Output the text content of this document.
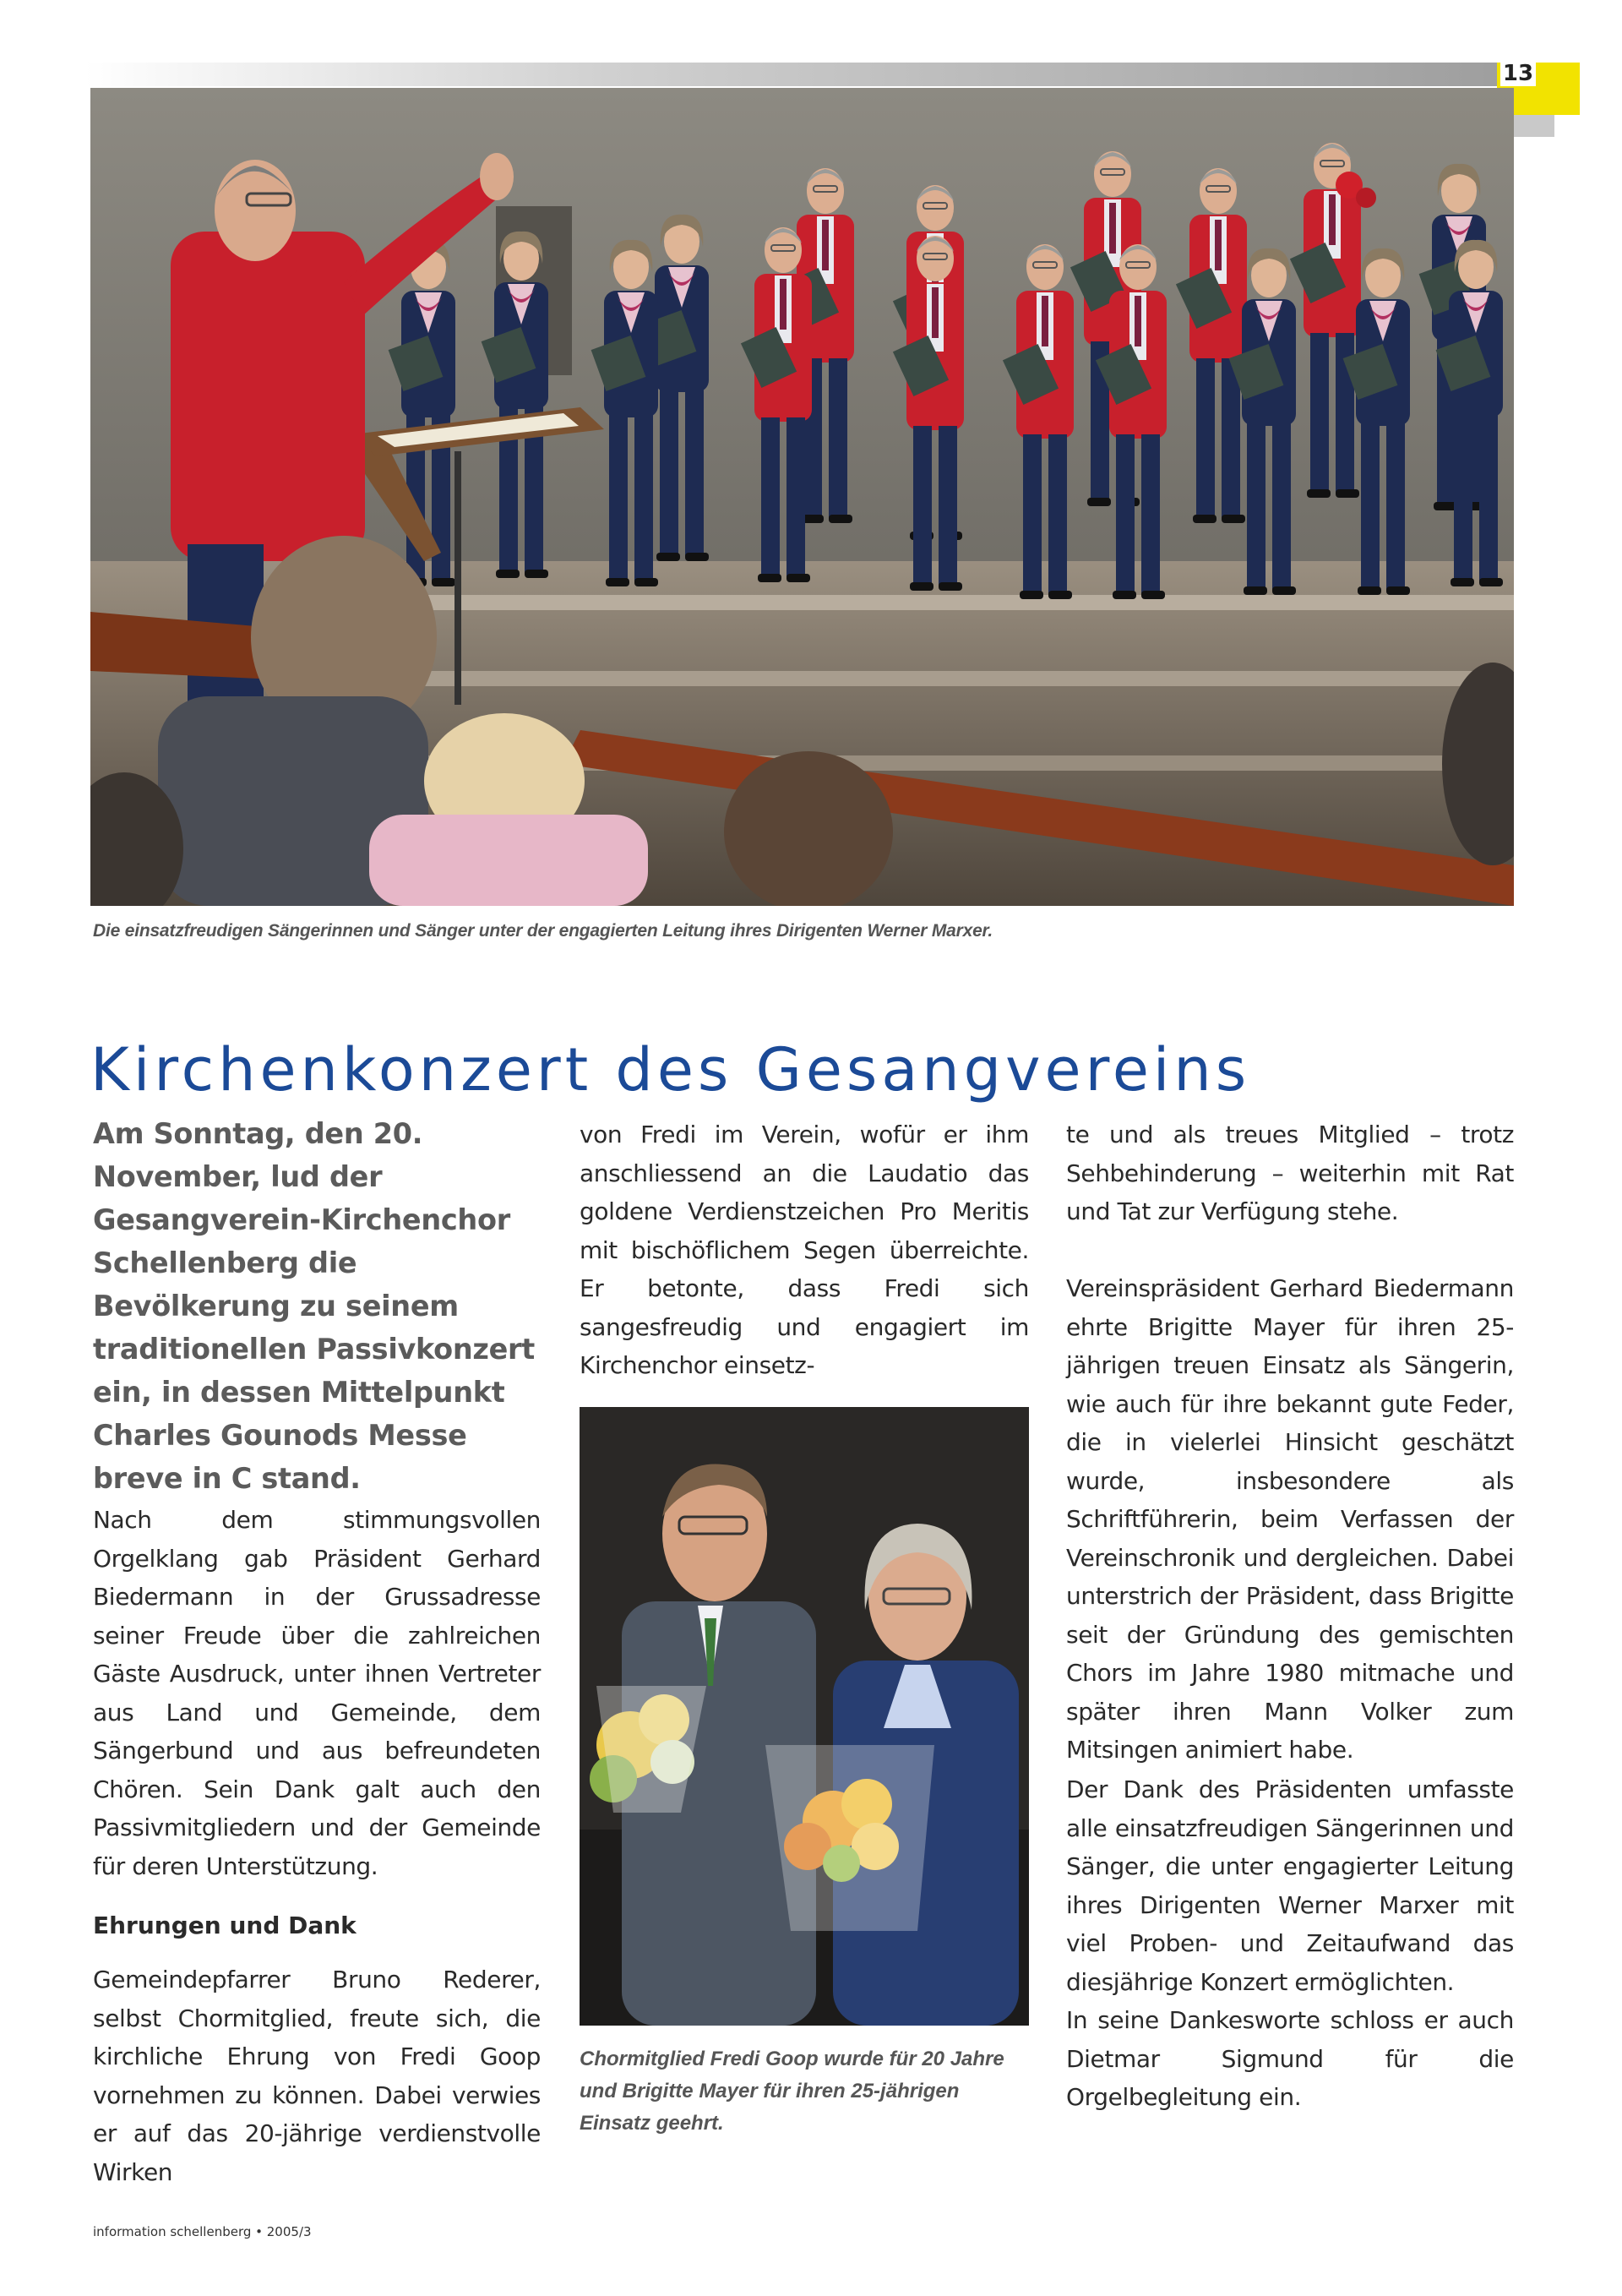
13
Die einsatzfreudigen Sängerinnen und Sänger unter der engagierten Leitung ihres Dirigenten Werner Marxer.
Kirchenkonzert des Gesangvereins

Am Sonntag, den 20. November, lud der Gesangverein-Kirchenchor Schellenberg die Bevölkerung zu seinem traditionellen Passivkonzert ein, in dessen Mittelpunkt Charles Gounods Messe breve in C stand.

Nach dem stimmungsvollen Orgelklang gab Präsident Gerhard Biedermann in der Grussadresse seiner Freude über die zahlreichen Gäste Ausdruck, unter ihnen Vertreter aus Land und Gemeinde, dem Sängerbund und aus befreundeten Chören. Sein Dank galt auch den Passivmitgliedern und der Gemeinde für deren Unterstützung.

Ehrungen und Dank

Gemeindepfarrer Bruno Rederer, selbst Chormitglied, freute sich, die kirchliche Ehrung von Fredi Goop vornehmen zu können. Dabei verwies er auf das 20-jährige verdienstvolle Wirken

von Fredi im Verein, wofür er ihm anschliessend an die Laudatio das goldene Verdienstzeichen Pro Meritis mit bischöflichem Segen überreichte. Er betonte, dass Fredi sich sangesfreudig und engagiert im Kirchenchor einsetz-

Chormitglied Fredi Goop wurde für 20 Jahre und Brigitte Mayer für ihren 25-jährigen Einsatz geehrt.

te und als treues Mitglied – trotz Sehbehinderung – weiterhin mit Rat und Tat zur Verfügung stehe.

Vereinspräsident Gerhard Biedermann ehrte Brigitte Mayer für ihren 25-jährigen treuen Einsatz als Sängerin, wie auch für ihre bekannt gute Feder, die in vielerlei Hinsicht geschätzt wurde, insbesondere als Schriftführerin, beim Verfassen der Vereinschronik und dergleichen. Dabei unterstrich der Präsident, dass Brigitte seit der Gründung des gemischten Chors im Jahre 1980 mitmache und später ihren Mann Volker zum Mitsingen animiert habe.

Der Dank des Präsidenten umfasste alle einsatzfreudigen Sängerinnen und Sänger, die unter engagierter Leitung ihres Dirigenten Werner Marxer mit viel Proben- und Zeitaufwand das diesjährige Konzert ermöglichten.

In seine Dankesworte schloss er auch Dietmar Sigmund für die Orgelbegleitung ein.

information schellenberg • 2005/3
